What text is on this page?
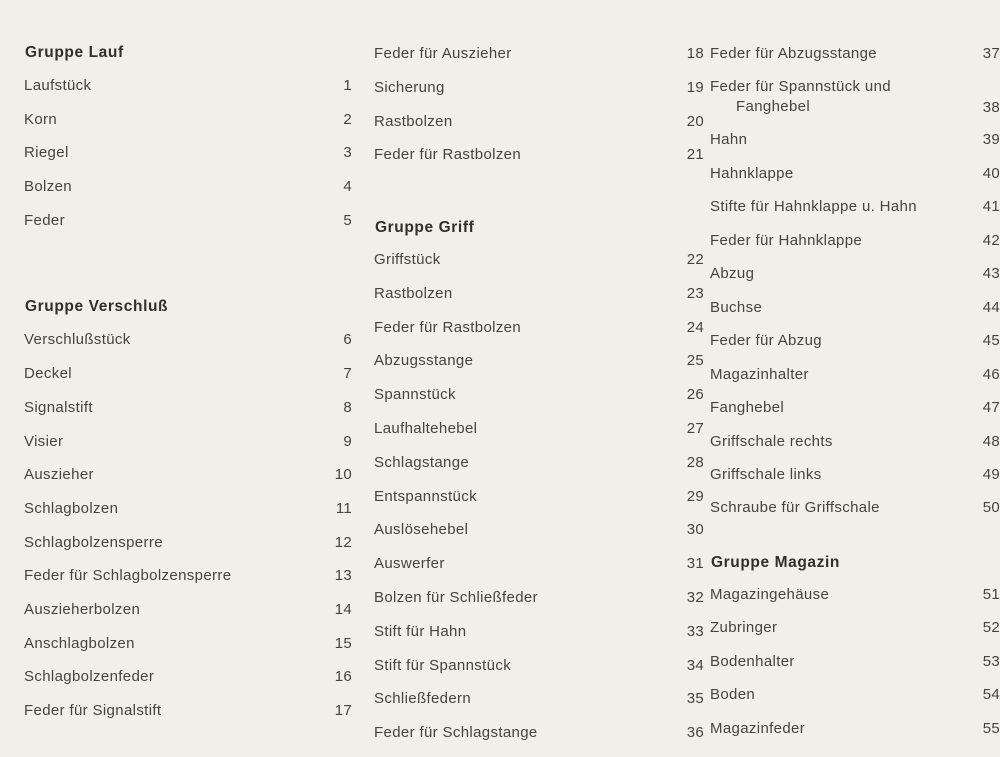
Gruppe Lauf
Laufstück	1
Korn	2
Riegel	3
Bolzen	4
Feder	5
Gruppe Verschluß
Verschlußstück	6
Deckel	7
Signalstift	8
Visier	9
Auszieher	10
Schlagbolzen	11
Schlagbolzensperre	12
Feder für Schlagbolzensperre	13
Auszieherbolzen	14
Anschlagbolzen	15
Schlagbolzenfeder	16
Feder für Signalstift	17
Feder für Auszieher	18
Sicherung	19
Rastbolzen	20
Feder für Rastbolzen	21
Gruppe Griff
Griffstück	22
Rastbolzen	23
Feder für Rastbolzen	24
Abzugsstange	25
Spannstück	26
Laufhaltehebel	27
Schlagstange	28
Entspannstück	29
Auslösehebel	30
Auswerfer	31
Bolzen für Schließfeder	32
Stift für Hahn	33
Stift für Spannstück	34
Schließfedern	35
Feder für Schlagstange	36
Feder für Abzugsstange	37
Feder für Spannstück und
Fanghebel	38
Hahn	39
Hahnklappe	40
Stifte für Hahnklappe u. Hahn	41
Feder für Hahnklappe	42
Abzug	43
Buchse	44
Feder für Abzug	45
Magazinhalter	46
Fanghebel	47
Griffschale rechts	48
Griffschale links	49
Schraube für Griffschale	50
Gruppe Magazin
Magazingehäuse	51
Zubringer	52
Bodenhalter	53
Boden	54
Magazinfeder	55
